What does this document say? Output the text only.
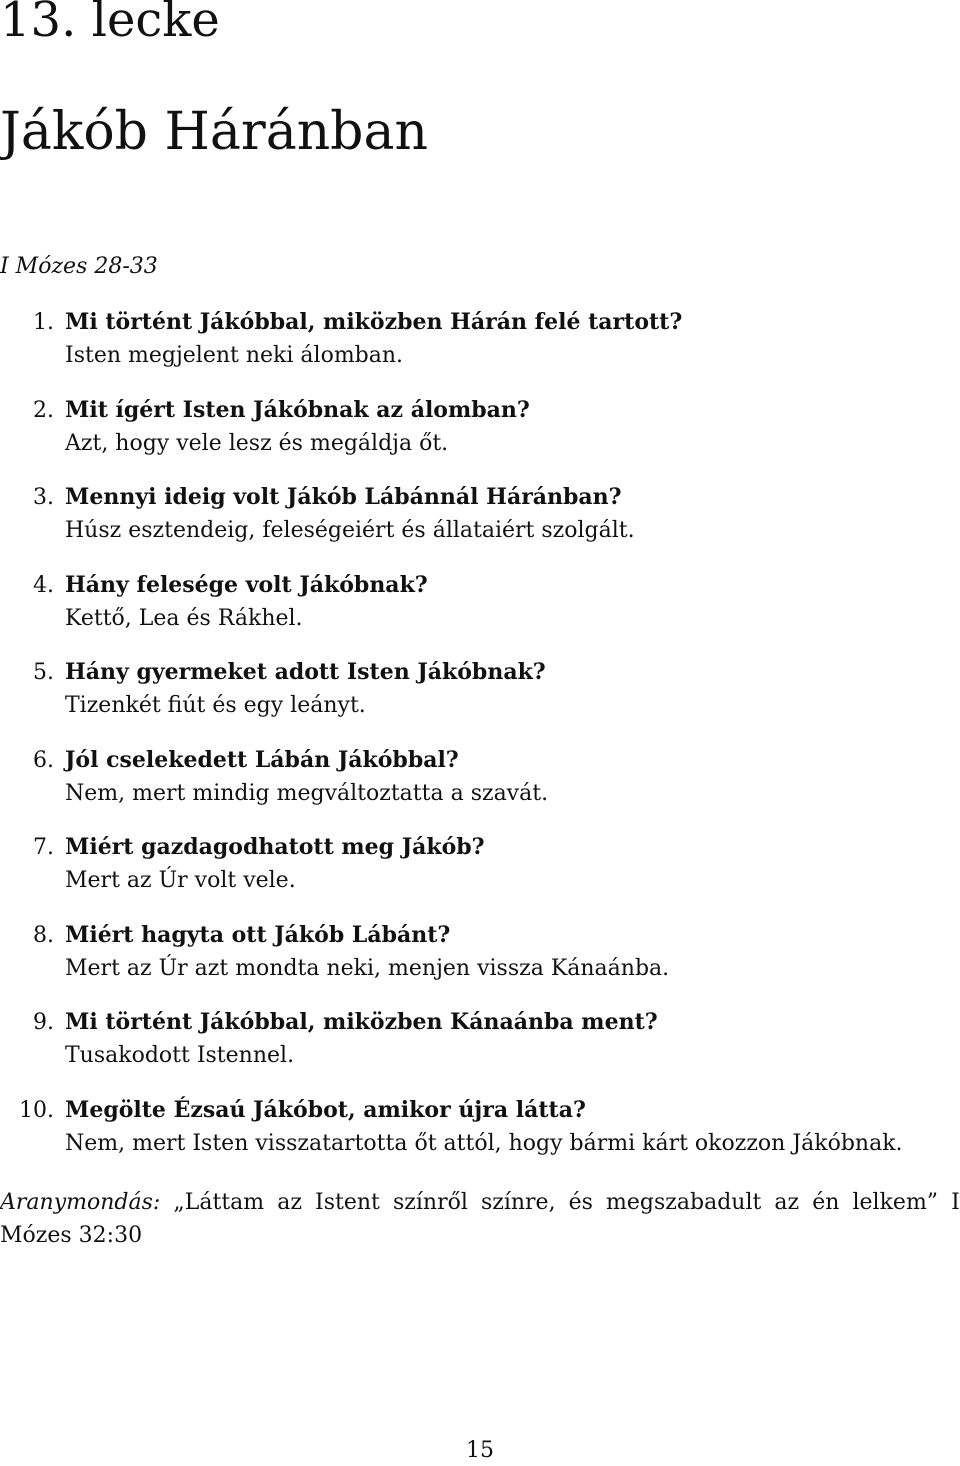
13. lecke
Jákób Háránban
I Mózes 28-33
1. Mi történt Jákóbbal, miközben Hárán felé tartott?
Isten megjelent neki álomban.
2. Mit ígért Isten Jákóbnak az álomban?
Azt, hogy vele lesz és megáldja őt.
3. Mennyi ideig volt Jákób Lábánnál Háránban?
Húsz esztendeig, feleségeiért és állataiért szolgált.
4. Hány felesége volt Jákóbnak?
Kettő, Lea és Rákhel.
5. Hány gyermeket adott Isten Jákóbnak?
Tizenkét fiút és egy leányt.
6. Jól cselekedett Lábán Jákóbbal?
Nem, mert mindig megváltoztatta a szavát.
7. Miért gazdagodhatott meg Jákób?
Mert az Úr volt vele.
8. Miért hagyta ott Jákób Lábánt?
Mert az Úr azt mondta neki, menjen vissza Kánaánba.
9. Mi történt Jákóbbal, miközben Kánaánba ment?
Tusakodott Istennel.
10. Megölte Ézsaú Jákóbot, amikor újra látta?
Nem, mert Isten visszatartotta őt attól, hogy bármi kárt okozzon Jákóbnak.
Aranymondás: „Láttam az Istent színről színre, és megszabadult az én lelkem” I
Mózes 32:30
15
